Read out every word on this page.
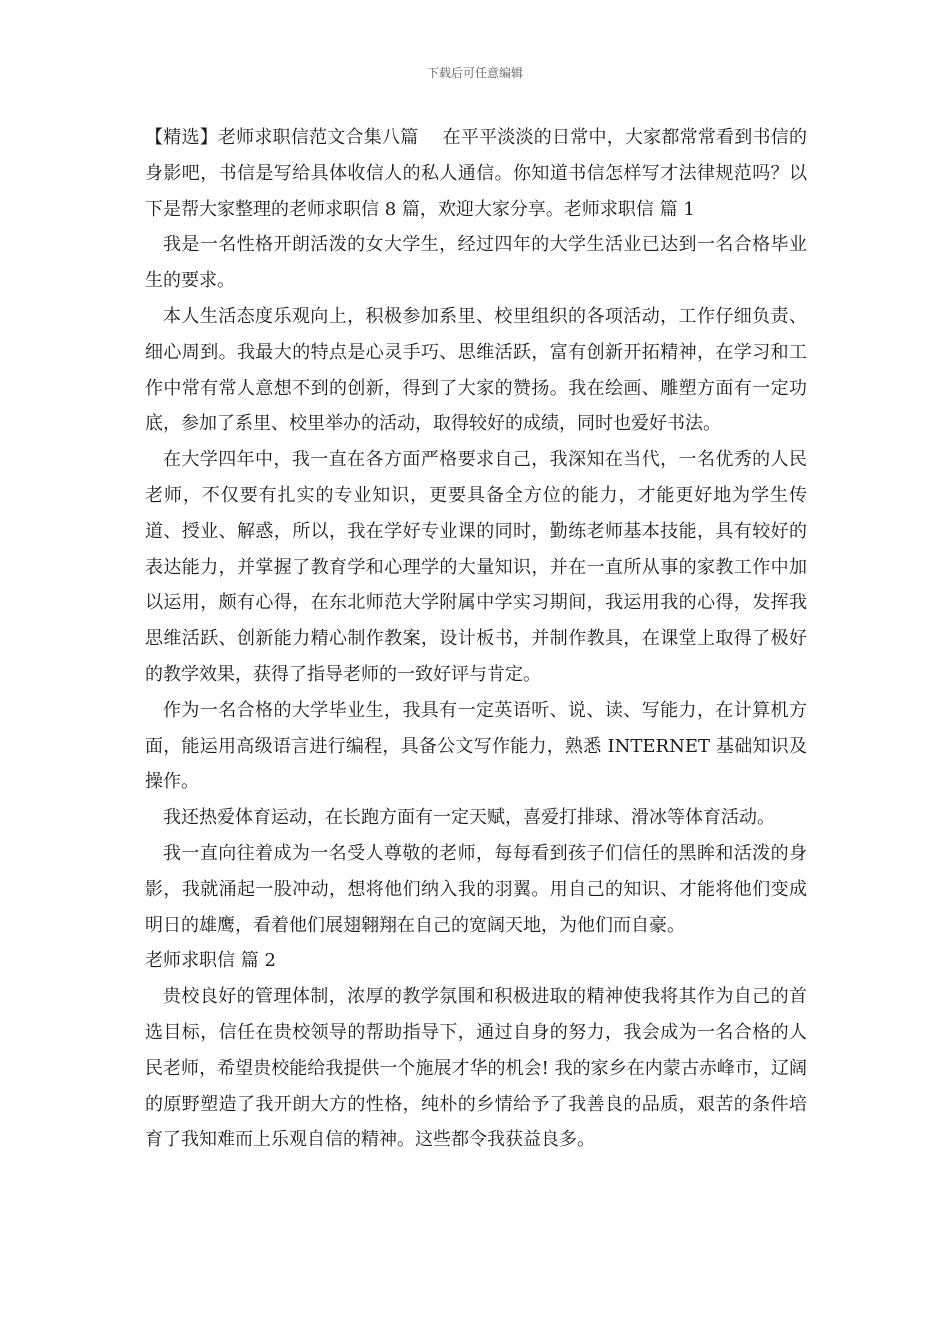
下载后可任意编辑

【精选】老师求职信范文合集八篇　 在平平淡淡的日常中，大家都常常看到书信的身影吧，书信是写给具体收信人的私人通信。你知道书信怎样写才法律规范吗？以下是帮大家整理的老师求职信 8 篇，欢迎大家分享。老师求职信 篇 1

我是一名性格开朗活泼的女大学生，经过四年的大学生活业已达到一名合格毕业生的要求。

本人生活态度乐观向上，积极参加系里、校里组织的各项活动，工作仔细负责、细心周到。我最大的特点是心灵手巧、思维活跃，富有创新开拓精神，在学习和工作中常有常人意想不到的创新，得到了大家的赞扬。我在绘画、雕塑方面有一定功底，参加了系里、校里举办的活动，取得较好的成绩，同时也爱好书法。

在大学四年中，我一直在各方面严格要求自己，我深知在当代，一名优秀的人民老师，不仅要有扎实的专业知识，更要具备全方位的能力，才能更好地为学生传道、授业、解惑，所以，我在学好专业课的同时，勤练老师基本技能，具有较好的表达能力，并掌握了教育学和心理学的大量知识，并在一直所从事的家教工作中加以运用，颇有心得，在东北师范大学附属中学实习期间，我运用我的心得，发挥我思维活跃、创新能力精心制作教案，设计板书，并制作教具，在课堂上取得了极好的教学效果，获得了指导老师的一致好评与肯定。

作为一名合格的大学毕业生，我具有一定英语听、说、读、写能力，在计算机方面，能运用高级语言进行编程，具备公文写作能力，熟悉 INTERNET 基础知识及操作。

我还热爱体育运动，在长跑方面有一定天赋，喜爱打排球、滑冰等体育活动。

我一直向往着成为一名受人尊敬的老师，每每看到孩子们信任的黑眸和活泼的身影，我就涌起一股冲动，想将他们纳入我的羽翼。用自己的知识、才能将他们变成明日的雄鹰，看着他们展翅翱翔在自己的宽阔天地，为他们而自豪。

老师求职信 篇 2

贵校良好的管理体制，浓厚的教学氛围和积极进取的精神使我将其作为自己的首选目标，信任在贵校领导的帮助指导下，通过自身的努力，我会成为一名合格的人民老师，希望贵校能给我提供一个施展才华的机会! 我的家乡在内蒙古赤峰市，辽阔的原野塑造了我开朗大方的性格，纯朴的乡情给予了我善良的品质，艰苦的条件培育了我知难而上乐观自信的精神。这些都令我获益良多。
